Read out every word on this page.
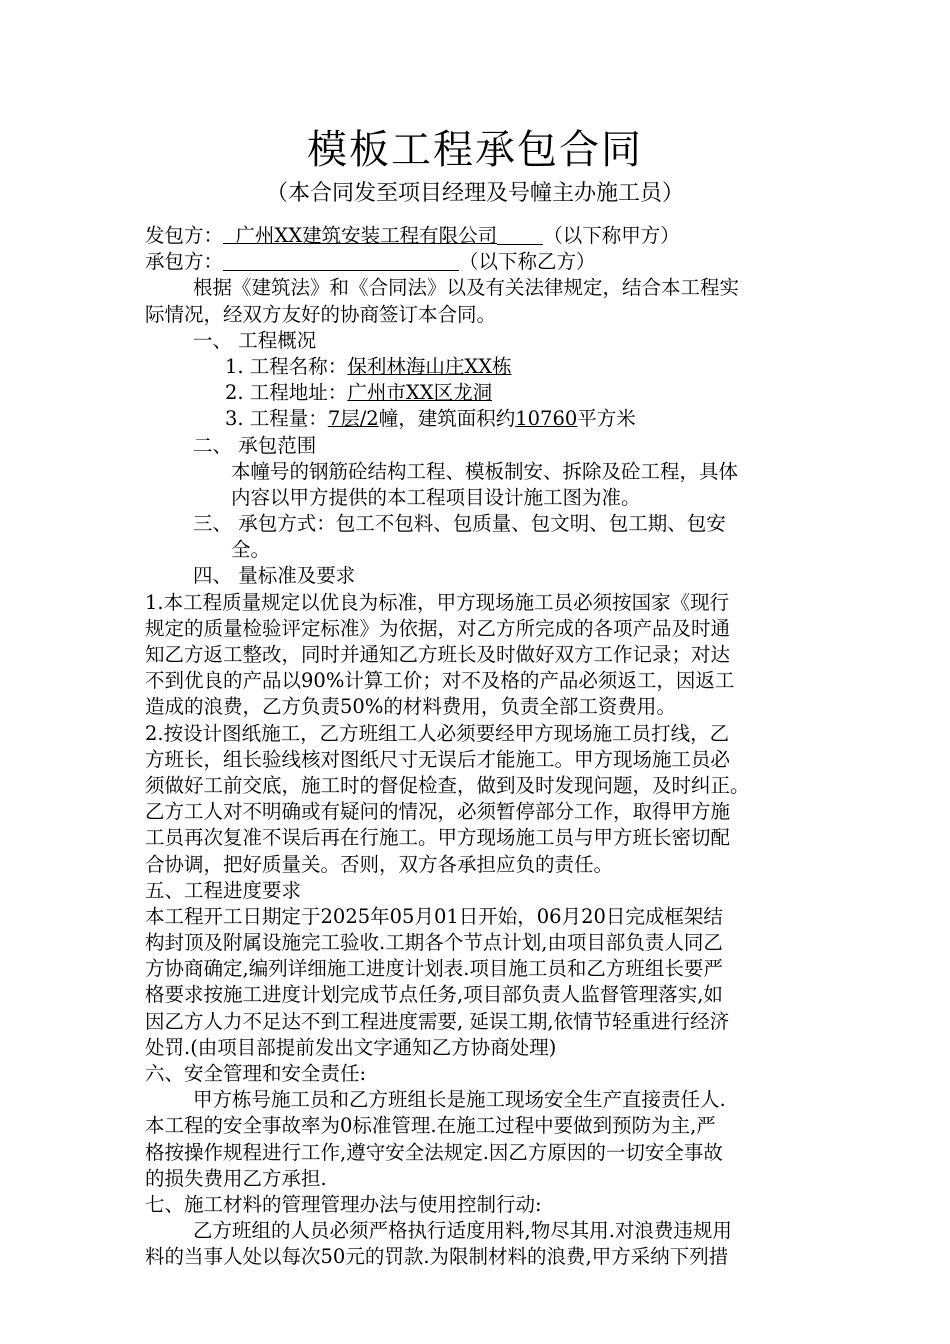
模板工程承包合同
（本合同发至项目经理及号幢主办施工员）
发包方： 广州XX建筑安装工程有限公司 （以下称甲方）
承包方：	（以下称乙方）
根据《建筑法》和《合同法》以及有关法律规定，结合本工程实
际情况，经双方友好的协商签订本合同。
一、 工程概况
1. 工程名称：保利林海山庄XX栋
2. 工程地址：广州市XX区龙洞
3. 工程量：7层/2幢，建筑面积约10760平方米
二、 承包范围
本幢号的钢筋砼结构工程、模板制安、拆除及砼工程，具体
内容以甲方提供的本工程项目设计施工图为准。
三、 承包方式：包工不包料、包质量、包文明、包工期、包安
全。
四、 量标准及要求
1.本工程质量规定以优良为标准，甲方现场施工员必须按国家《现行
规定的质量检验评定标准》为依据，对乙方所完成的各项产品及时通
知乙方返工整改，同时并通知乙方班长及时做好双方工作记录；对达
不到优良的产品以90%计算工价；对不及格的产品必须返工，因返工
造成的浪费，乙方负责50%的材料费用，负责全部工资费用。
2.按设计图纸施工，乙方班组工人必须要经甲方现场施工员打线，乙
方班长，组长验线核对图纸尺寸无误后才能施工。甲方现场施工员必
须做好工前交底，施工时的督促检查，做到及时发现问题，及时纠正。
乙方工人对不明确或有疑问的情况，必须暂停部分工作，取得甲方施
工员再次复准不误后再在行施工。甲方现场施工员与甲方班长密切配
合协调，把好质量关。否则，双方各承担应负的责任。
五、工程进度要求
本工程开工日期定于2025年05月01日开始，06月20日完成框架结
构封顶及附属设施完工验收.工期各个节点计划,由项目部负责人同乙
方协商确定,编列详细施工进度计划表.项目施工员和乙方班组长要严
格要求按施工进度计划完成节点任务,项目部负责人监督管理落实,如
因乙方人力不足达不到工程进度需要, 延误工期,依情节轻重进行经济
处罚.(由项目部提前发出文字通知乙方协商处理)
六、安全管理和安全责任:
甲方栋号施工员和乙方班组长是施工现场安全生产直接责任人.
本工程的安全事故率为0标准管理.在施工过程中要做到预防为主,严
格按操作规程进行工作,遵守安全法规定.因乙方原因的一切安全事故
的损失费用乙方承担.
七、施工材料的管理管理办法与使用控制行动:
乙方班组的人员必须严格执行适度用料,物尽其用.对浪费违规用
料的当事人处以每次50元的罚款.为限制材料的浪费,甲方采纳下列措
